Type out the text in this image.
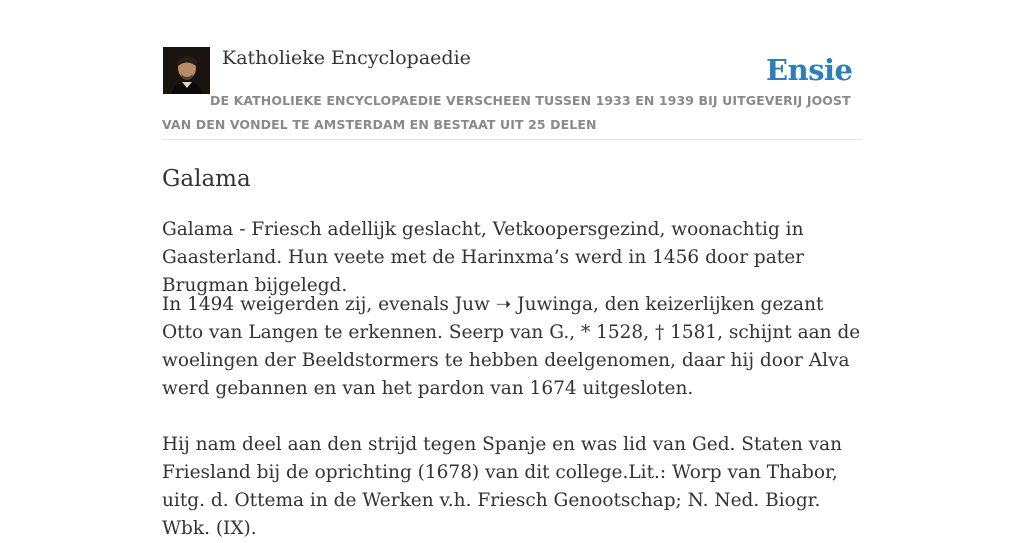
Katholieke Encyclopaedie	Ensie
DE KATHOLIEKE ENCYCLOPAEDIE VERSCHEEN TUSSEN 1933 EN 1939 BIJ UITGEVERIJ JOOST VAN DEN VONDEL TE AMSTERDAM EN BESTAAT UIT 25 DELEN
Galama

Galama - Friesch adellijk geslacht, Vetkoopersgezind, woonachtig in Gaasterland. Hun veete met de Harinxma’s werd in 1456 door pater Brugman bijgelegd.

In 1494 weigerden zij, evenals Juw ➝ Juwinga, den keizerlijken gezant Otto van Langen te erkennen. Seerp van G., * 1528, † 1581, schijnt aan de woelingen der Beeldstormers te hebben deelgenomen, daar hij door Alva werd gebannen en van het pardon van 1674 uitgesloten.

Hij nam deel aan den strijd tegen Spanje en was lid van Ged. Staten van Friesland bij de oprichting (1678) van dit college.Lit.: Worp van Thabor, uitg. d. Ottema in de Werken v.h. Friesch Genootschap; N. Ned. Biogr. Wbk. (IX).
